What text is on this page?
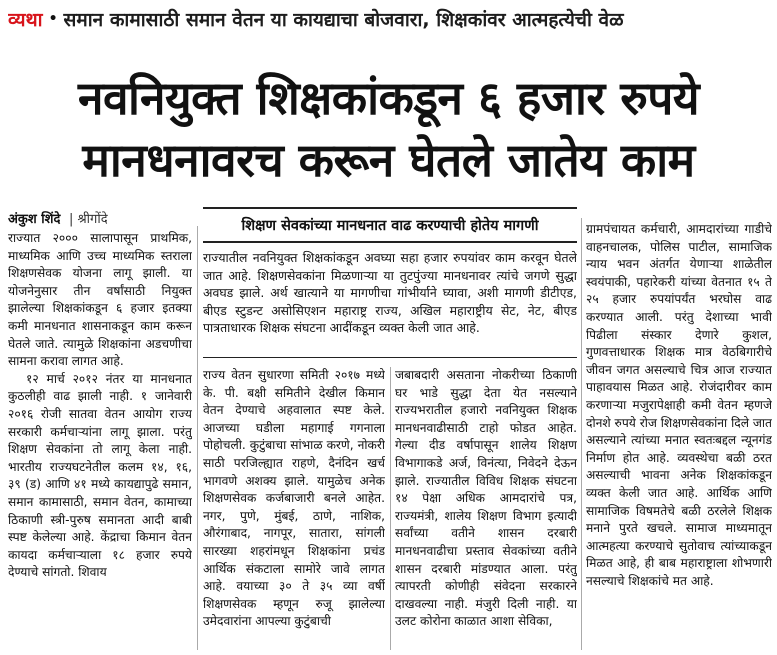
व्यथा • समान कामासाठी समान वेतन या कायद्याचा बोजवारा, शिक्षकांवर आत्महत्येची वेळ
नवनियुक्त शिक्षकांकडून ६ हजार रुपये
मानधनावरच करून घेतले जातेय काम
अंकुश शिंदे | श्रीगोंदे

राज्यात २००० सालापासून प्राथमिक, माध्यमिक आणि उच्च माध्यमिक स्तराला शिक्षणसेवक योजना लागू झाली. या योजनेनुसार तीन वर्षांसाठी नियुक्त झालेल्या शिक्षकांकडून ६ हजार इतक्या कमी मानधनात शासनाकडून काम करून घेतले जाते. त्यामुळे शिक्षकांना अडचणीचा सामना करावा लागत आहे.

१२ मार्च २०१२ नंतर या मानधनात कुठलीही वाढ झाली नाही. १ जानेवारी २०१६ रोजी सातवा वेतन आयोग राज्य सरकारी कर्मचाऱ्यांना लागू झाला. परंतु शिक्षण सेवकांना तो लागू केला नाही. भारतीय राज्यघटनेतील कलम १४, १६, ३९ (ड) आणि ४१ मध्ये कायद्यापुढे समान, समान कामासाठी, समान वेतन, कामाच्या ठिकाणी स्त्री-पुरुष समानता आदी बाबी स्पष्ट केलेल्या आहे. केंद्राचा किमान वेतन कायदा कर्मचाऱ्याला १८ हजार रुपये देण्याचे सांगतो. शिवाय

शिक्षण सेवकांच्या मानधनात वाढ करण्याची होतेय मागणी
राज्यातील नवनियुक्त शिक्षकांकडून अवघ्या सहा हजार रुपयांवर काम करवून घेतले जात आहे. शिक्षणसेवकांना मिळणाऱ्या या तुटपुंज्या मानधनावर त्यांचे जगणे सुद्धा अवघड झाले. अर्थ खात्याने या मागणीचा गांभीर्याने घ्यावा, अशी मागणी डीटीएड, बीएड स्टुडन्ट असोसिएशन महाराष्ट्र राज्य, अखिल महाराष्ट्रीय सेट, नेट, बीएड पात्रताधारक शिक्षक संघटना आदींकडून व्यक्त केली जात आहे.
राज्य वेतन सुधारणा समिती २०१७ मध्ये के. पी. बक्षी समितीने देखील किमान वेतन देण्याचे अहवालात स्पष्ट केले. आजच्या घडीला महागाई गगनाला पोहोचली. कुटुंबाचा सांभाळ करणे, नोकरी साठी परजिल्ह्यात राहणे, दैनंदिन खर्च भागवणे अशक्य झाले. यामुळेच अनेक शिक्षणसेवक कर्जबाजारी बनले आहेत. नगर, पुणे, मुंबई, ठाणे, नाशिक, औरंगाबाद, नागपूर, सातारा, सांगली सारख्या शहरांमधून शिक्षकांना प्रचंड आर्थिक संकटाला सामोरे जावे लागत आहे. वयाच्या ३० ते ३५ व्या वर्षी शिक्षणसेवक म्हणून रुजू झालेल्या उमेदवारांना आपल्या कुटुंबाची
जबाबदारी असताना नोकरीच्या ठिकाणी घर भाडे सुद्धा देता येत नसल्याने राज्यभरातील हजारो नवनियुक्त शिक्षक मानधनवाढीसाठी टाहो फोडत आहेत. गेल्या दीड वर्षापासून शालेय शिक्षण विभागाकडे अर्ज, विनंत्या, निवेदने देऊन झाले. राज्यातील विविध शिक्षक संघटना १४ पेक्षा अधिक आमदारांचे पत्र, राज्यमंत्री, शालेय शिक्षण विभाग इत्यादी सर्वांच्या वतीने शासन दरबारी मानधनवाढीचा प्रस्ताव सेवकांच्या वतीने शासन दरबारी मांडण्यात आला. परंतु त्यापरती कोणीही संवेदना सरकारने दाखवल्या नाही. मंजुरी दिली नाही. या उलट कोरोना काळात आशा सेविका,
ग्रामपंचायत कर्मचारी, आमदारांच्या गाडीचे वाहनचालक, पोलिस पाटील, सामाजिक न्याय भवन अंतर्गत येणाऱ्या शाळेतील स्वयंपाकी, पहारेकरी यांच्या वेतनात १५ ते २५ हजार रुपयांपर्यंत भरघोस वाढ करण्यात आली. परंतु देशाच्या भावी पिढीला संस्कार देणारे कुशल, गुणवत्ताधारक शिक्षक मात्र वेठबिगारीचे जीवन जगत असल्याचे चित्र आज राज्यात पाहावयास मिळत आहे. रोजंदारीवर काम करणाऱ्या मजुरापेक्षाही कमी वेतन म्हणजे दोनशे रुपये रोज शिक्षणसेवकांना दिले जात असल्याने त्यांच्या मनात स्वतःबद्दल न्यूनगंड निर्माण होत आहे. व्यवस्थेचा बळी ठरत असल्याची भावना अनेक शिक्षकांकडून व्यक्त केली जात आहे. आर्थिक आणि सामाजिक विषमतेचे बळी ठरलेले शिक्षक मनाने पुरते खचले. सामाज माध्यमातून आत्महत्या करण्याचे सुतोवाच त्यांच्याकडून मिळत आहे, ही बाब महाराष्ट्राला शोभणारी नसल्याचे शिक्षकांचे मत आहे.
